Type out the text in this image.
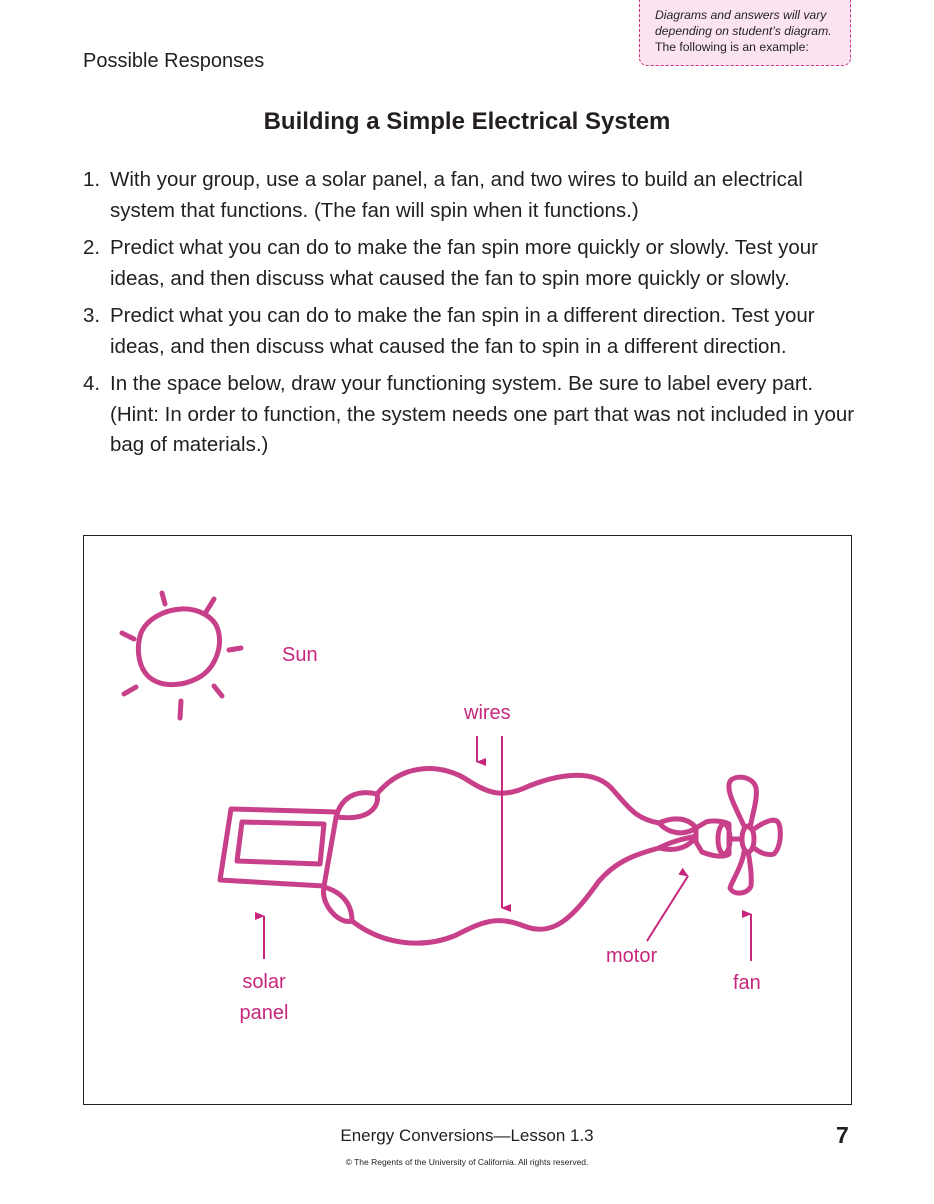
Diagrams and answers will vary
depending on student’s diagram.
The following is an example:
Possible Responses
Building a Simple Electrical System
1. With your group, use a solar panel, a fan, and two wires to build an electrical system that functions. (The fan will spin when it functions.)
2. Predict what you can do to make the fan spin more quickly or slowly. Test your ideas, and then discuss what caused the fan to spin more quickly or slowly.
3. Predict what you can do to make the fan spin in a different direction. Test your ideas, and then discuss what caused the fan to spin in a different direction.
4. In the space below, draw your functioning system. Be sure to label every part. (Hint: In order to function, the system needs one part that was not included in your bag of materials.)
Sun
wires
solar
panel
motor
fan
Energy Conversions—Lesson 1.3	7
© The Regents of the University of California. All rights reserved.
